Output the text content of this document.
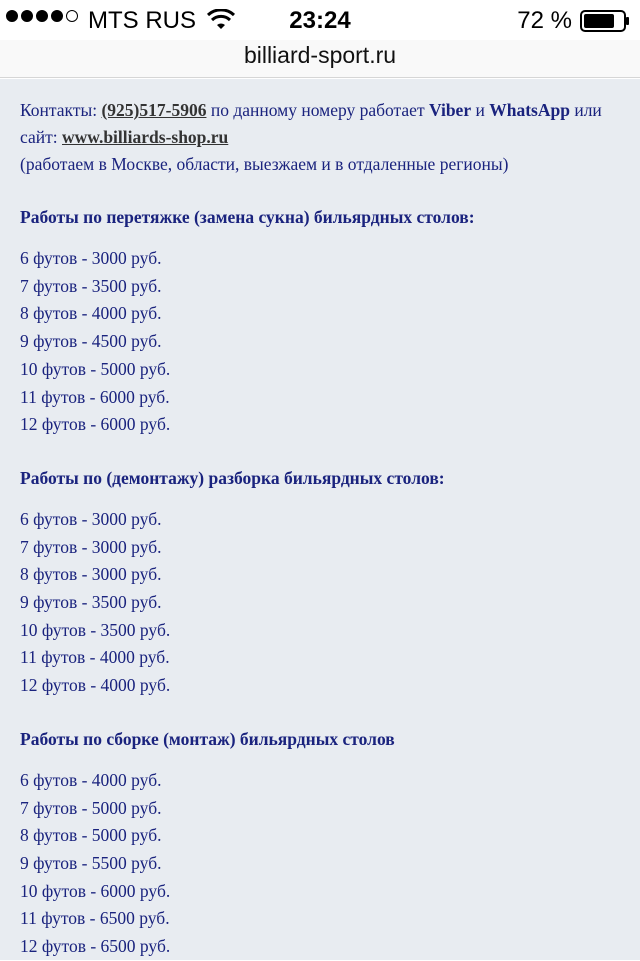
MTS RUS	23:24	72 %
billiard-sport.ru
Контакты: (925)517-5906 по данному номеру работает Viber и WhatsApp или сайт: www.billiards-shop.ru
(работаем в Москве, области, выезжаем и в отдаленные регионы)
Работы по перетяжке (замена сукна) бильярдных столов:
6 футов - 3000 руб.
7 футов - 3500 руб.
8 футов - 4000 руб.
9 футов - 4500 руб.
10 футов - 5000 руб.
11 футов - 6000 руб.
12 футов - 6000 руб.
Работы по (демонтажу) разборка бильярдных столов:
6 футов - 3000 руб.
7 футов - 3000 руб.
8 футов - 3000 руб.
9 футов - 3500 руб.
10 футов - 3500 руб.
11 футов - 4000 руб.
12 футов - 4000 руб.
Работы по сборке (монтаж) бильярдных столов
6 футов - 4000 руб.
7 футов - 5000 руб.
8 футов - 5000 руб.
9 футов - 5500 руб.
10 футов - 6000 руб.
11 футов - 6500 руб.
12 футов - 6500 руб.
